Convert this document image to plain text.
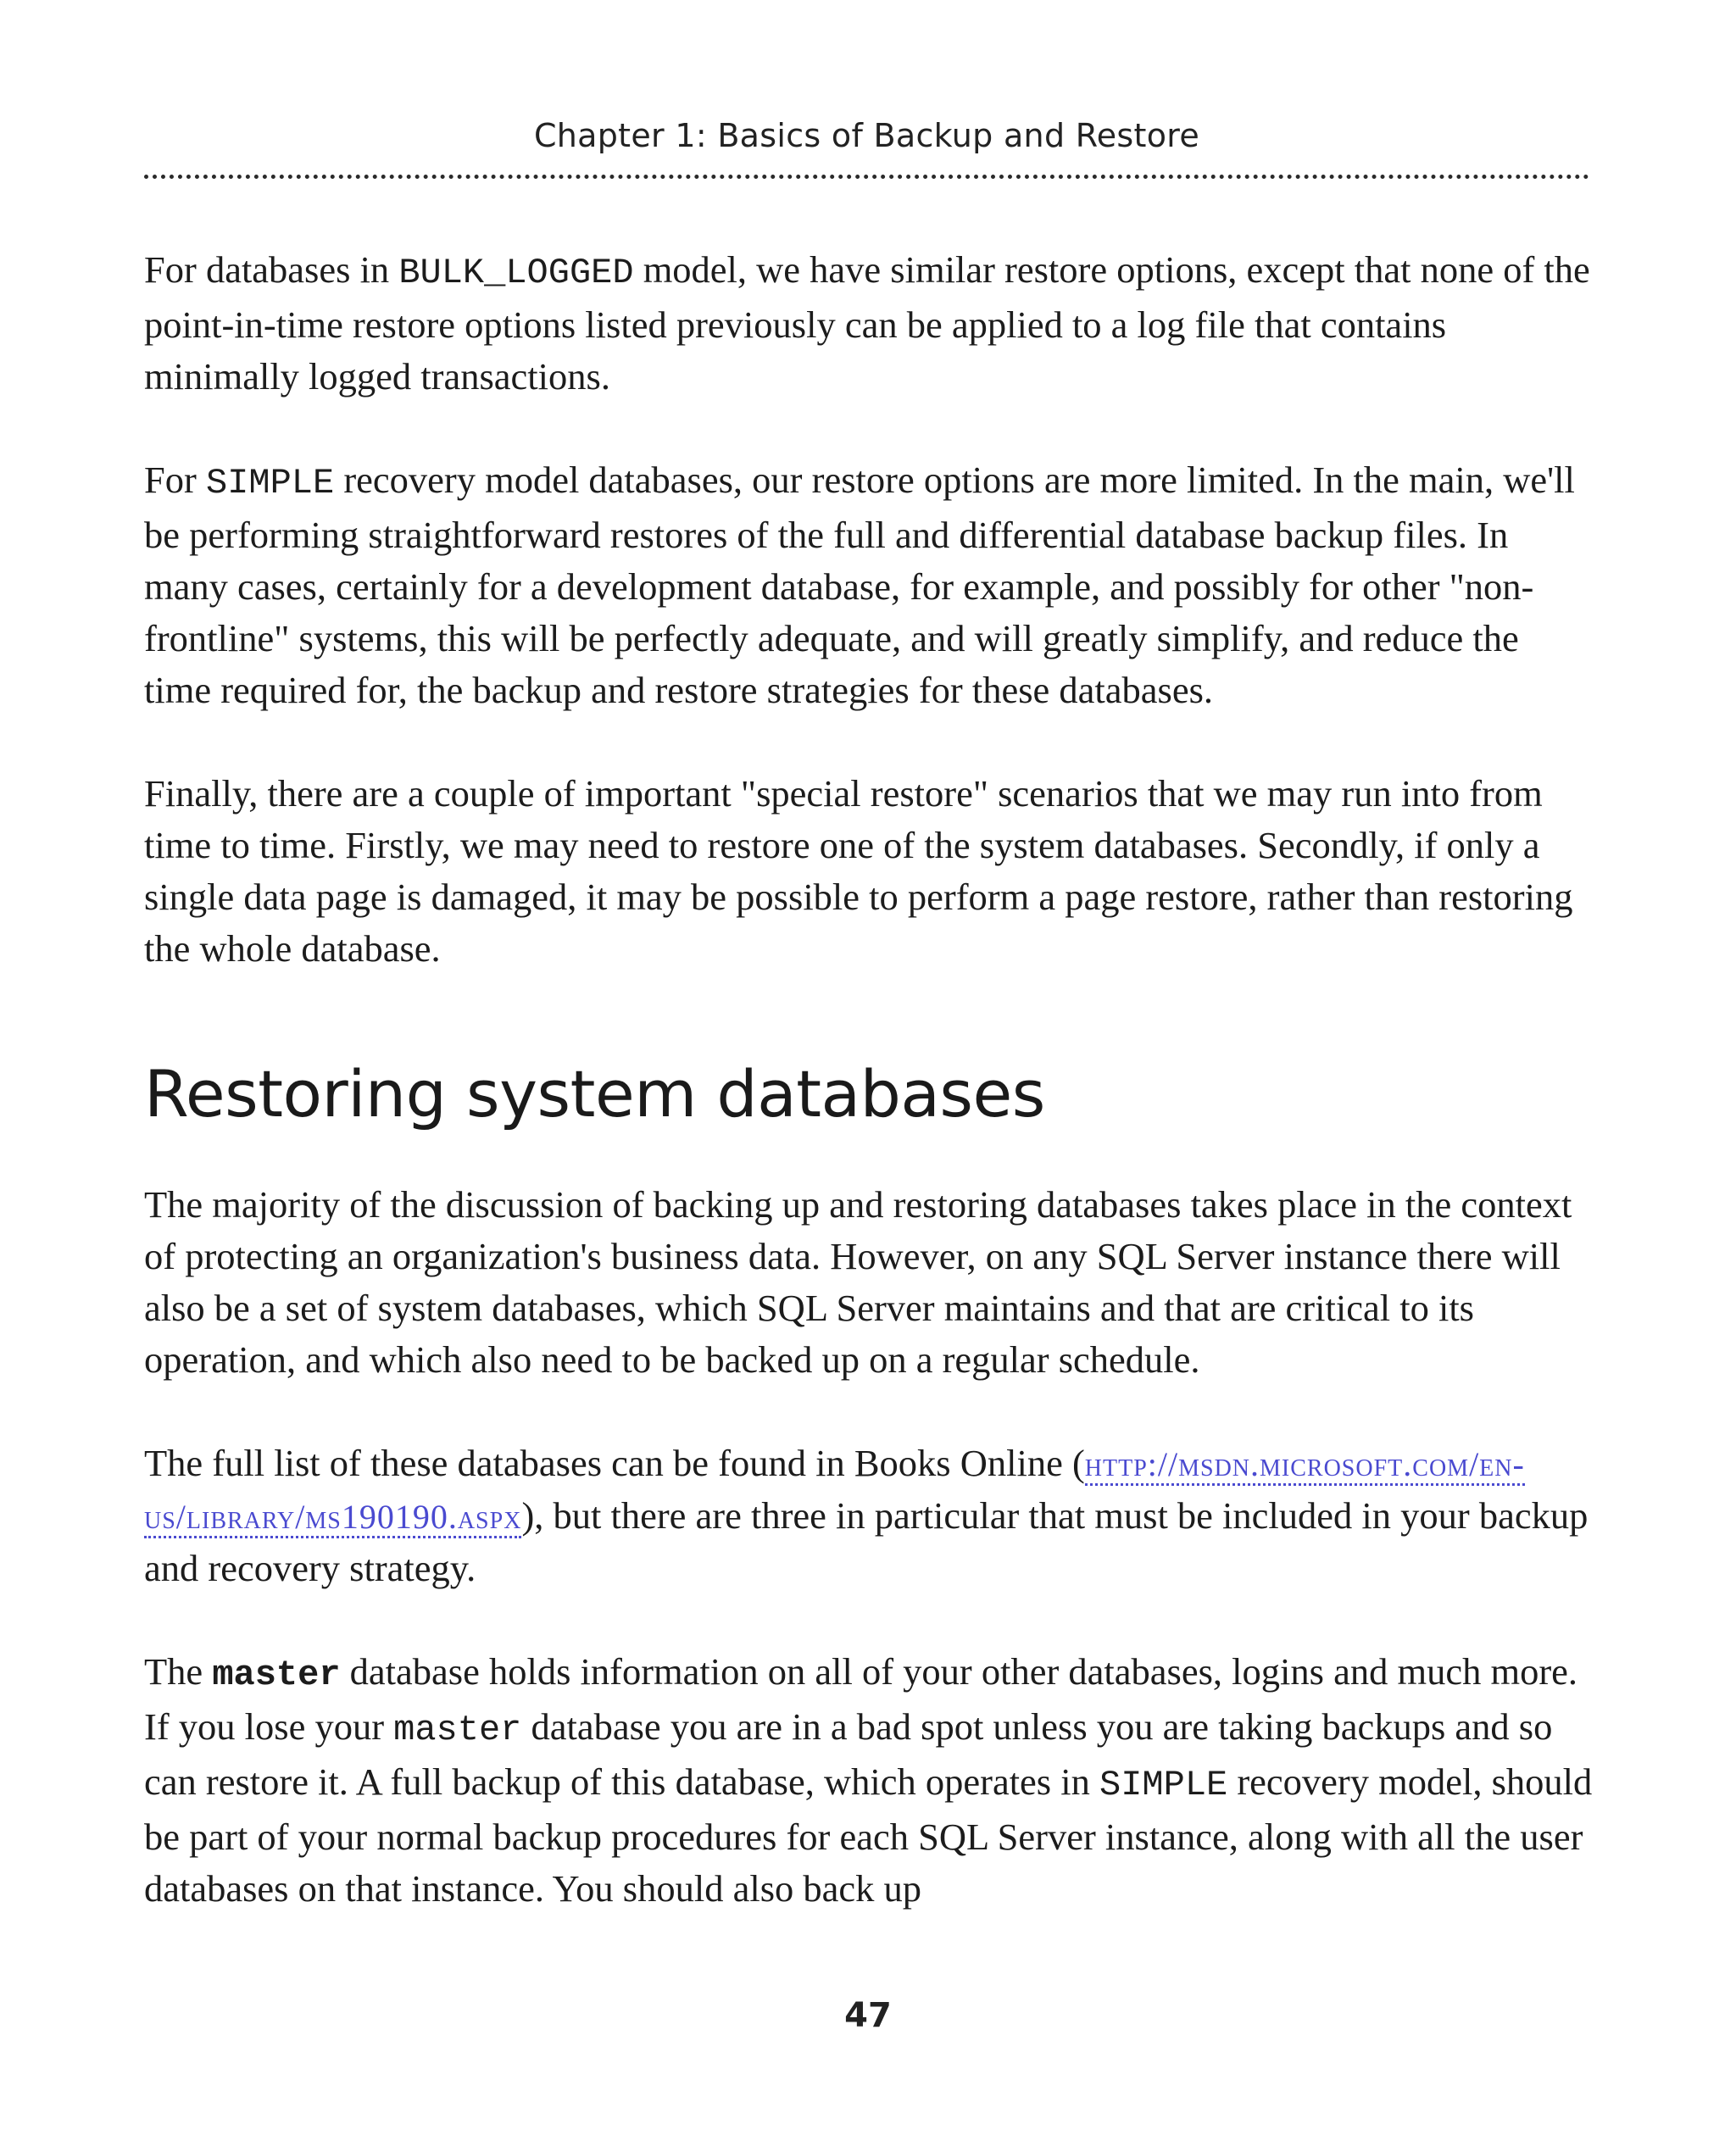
Chapter 1: Basics of Backup and Restore

For databases in BULK_LOGGED model, we have similar restore options, except that none of the point-in-time restore options listed previously can be applied to a log file that contains minimally logged transactions.

For SIMPLE recovery model databases, our restore options are more limited. In the main, we'll be performing straightforward restores of the full and differential database backup files. In many cases, certainly for a development database, for example, and possibly for other "non-frontline" systems, this will be perfectly adequate, and will greatly simplify, and reduce the time required for, the backup and restore strategies for these databases.

Finally, there are a couple of important "special restore" scenarios that we may run into from time to time. Firstly, we may need to restore one of the system databases. Secondly, if only a single data page is damaged, it may be possible to perform a page restore, rather than restoring the whole database.

Restoring system databases

The majority of the discussion of backing up and restoring databases takes place in the context of protecting an organization's business data. However, on any SQL Server instance there will also be a set of system databases, which SQL Server maintains and that are critical to its operation, and which also need to be backed up on a regular schedule.

The full list of these databases can be found in Books Online (http://msdn.microsoft.com/en-us/library/ms190190.aspx), but there are three in particular that must be included in your backup and recovery strategy.

The master database holds information on all of your other databases, logins and much more. If you lose your master database you are in a bad spot unless you are taking backups and so can restore it. A full backup of this database, which operates in SIMPLE recovery model, should be part of your normal backup procedures for each SQL Server instance, along with all the user databases on that instance. You should also back up

47
